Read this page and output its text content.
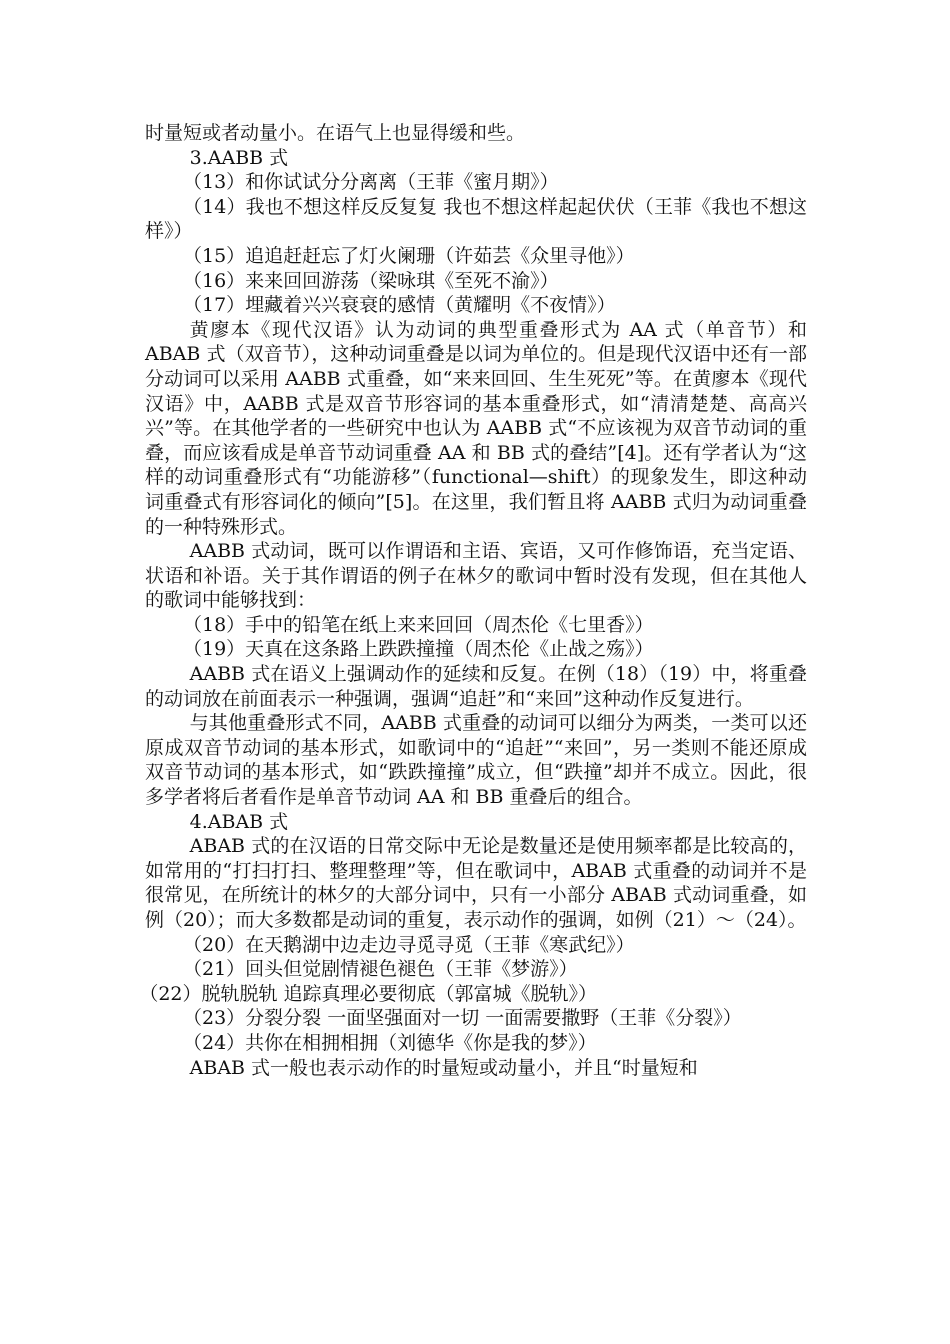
时量短或者动量小。在语气上也显得缓和些。

3.AABB 式

（13）和你试试分分离离（王菲《蜜月期》）

（14）我也不想这样反反复复 我也不想这样起起伏伏（王菲《我也不想这样》）

（15）追追赶赶忘了灯火阑珊（许茹芸《众里寻他》）

（16）来来回回游荡（梁咏琪《至死不渝》）

（17）埋藏着兴兴衰衰的感情（黄耀明《不夜情》）

黄廖本《现代汉语》认为动词的典型重叠形式为 AA 式（单音节）和 ABAB 式（双音节），这种动词重叠是以词为单位的。但是现代汉语中还有一部分动词可以采用 AABB 式重叠，如“来来回回、生生死死”等。在黄廖本《现代汉语》中，AABB 式是双音节形容词的基本重叠形式，如“清清楚楚、高高兴兴”等。在其他学者的一些研究中也认为 AABB 式“不应该视为双音节动词的重叠，而应该看成是单音节动词重叠 AA 和 BB 式的叠结”[4]。还有学者认为“这样的动词重叠形式有“功能游移”（functional—shift）的现象发生，即这种动词重叠式有形容词化的倾向”[5]。在这里，我们暂且将 AABB 式归为动词重叠的一种特殊形式。

AABB 式动词，既可以作谓语和主语、宾语，又可作修饰语，充当定语、状语和补语。关于其作谓语的例子在林夕的歌词中暂时没有发现，但在其他人的歌词中能够找到：

（18）手中的铅笔在纸上来来回回（周杰伦《七里香》）

（19）天真在这条路上跌跌撞撞（周杰伦《止战之殇》）

AABB 式在语义上强调动作的延续和反复。在例（18）（19）中，将重叠的动词放在前面表示一种强调，强调“追赶”和“来回”这种动作反复进行。

与其他重叠形式不同，AABB 式重叠的动词可以细分为两类，一类可以还原成双音节动词的基本形式，如歌词中的“追赶”“来回”，另一类则不能还原成双音节动词的基本形式，如“跌跌撞撞”成立，但“跌撞”却并不成立。因此，很多学者将后者看作是单音节动词 AA 和 BB 重叠后的组合。

4.ABAB 式

ABAB 式的在汉语的日常交际中无论是数量还是使用频率都是比较高的，如常用的“打扫打扫、整理整理”等，但在歌词中，ABAB 式重叠的动词并不是很常见，在所统计的林夕的大部分词中，只有一小部分 ABAB 式动词重叠，如例（20）；而大多数都是动词的重复，表示动作的强调，如例（21）～（24）。

（20）在天鹅湖中边走边寻觅寻觅（王菲《寒武纪》）

（21）回头但觉剧情褪色褪色（王菲《梦游》）

（22）脱轨脱轨 追踪真理必要彻底（郭富城《脱轨》）

（23）分裂分裂 一面坚强面对一切 一面需要撒野（王菲《分裂》）

（24）共你在相拥相拥（刘德华《你是我的梦》）

ABAB 式一般也表示动作的时量短或动量小，并且“时量短和
